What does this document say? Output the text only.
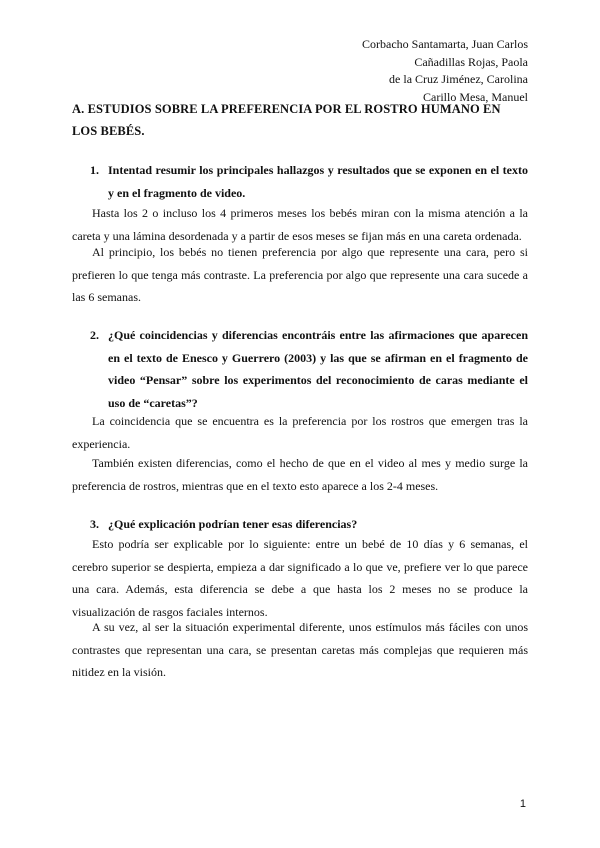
Corbacho Santamarta, Juan Carlos
Cañadillas Rojas, Paola
de la Cruz Jiménez, Carolina
Carillo Mesa, Manuel
A. ESTUDIOS SOBRE LA PREFERENCIA POR EL ROSTRO HUMANO EN LOS BEBÉS.
1. Intentad resumir los principales hallazgos y resultados que se exponen en el texto y en el fragmento de video.
Hasta los 2 o incluso los 4 primeros meses los bebés miran con la misma atención a la careta y una lámina desordenada y a partir de esos meses se fijan más en una careta ordenada.
Al principio, los bebés no tienen preferencia por algo que represente una cara, pero si prefieren lo que tenga más contraste. La preferencia por algo que represente una cara sucede a las 6 semanas.
2. ¿Qué coincidencias y diferencias encontráis entre las afirmaciones que aparecen en el texto de Enesco y Guerrero (2003) y las que se afirman en el fragmento de video “Pensar” sobre los experimentos del reconocimiento de caras mediante el uso de “caretas”?
La coincidencia que se encuentra es la preferencia por los rostros que emergen tras la experiencia.
También existen diferencias, como el hecho de que en el video al mes y medio surge la preferencia de rostros, mientras que en el texto esto aparece a los 2-4 meses.
3. ¿Qué explicación podrían tener esas diferencias?
Esto podría ser explicable por lo siguiente: entre un bebé de 10 días y 6 semanas, el cerebro superior se despierta, empieza a dar significado a lo que ve, prefiere ver lo que parece una cara. Además, esta diferencia se debe a que hasta los 2 meses no se produce la visualización de rasgos faciales internos.
A su vez, al ser la situación experimental diferente, unos estímulos más fáciles con unos contrastes que representan una cara, se presentan caretas más complejas que requieren más nitidez en la visión.
1
